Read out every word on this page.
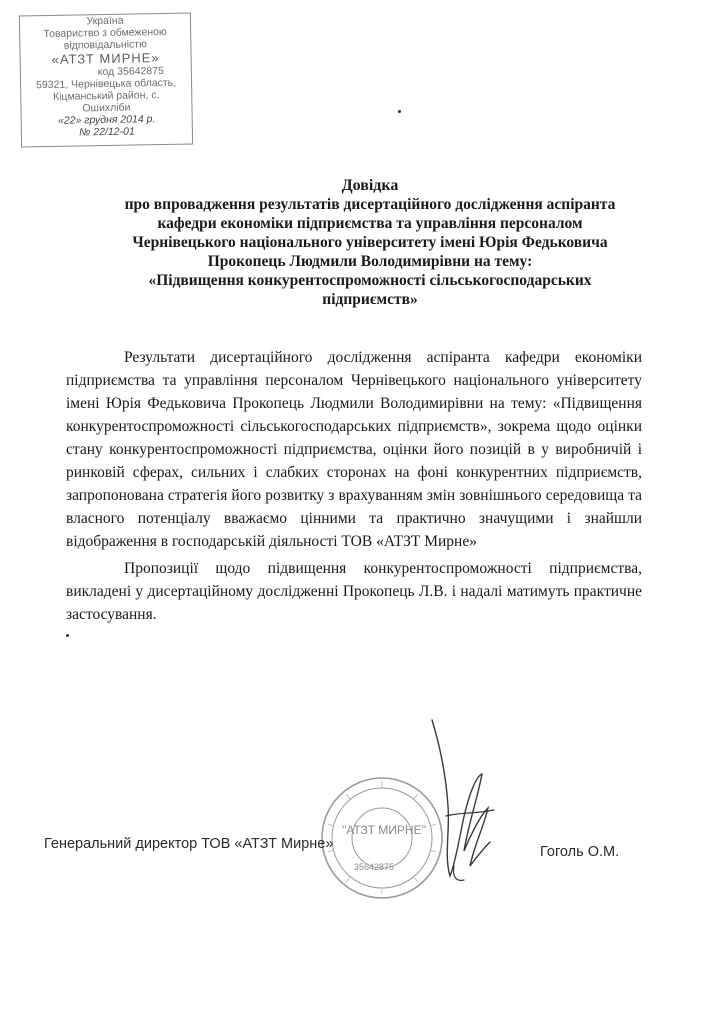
Україна
Товариство з обмеженою
відповідальністю
«АТЗТ МИРНЕ»
код 35642875
59321, Чернівецька область,
Кіцманський район, с. Ошихліби
«22» грудня 2014 р.
№ 22/12-01
Довідка
про впровадження результатів дисертаційного дослідження аспіранта
кафедри економіки підприємства та управління персоналом
Чернівецького національного університету імені Юрія Федьковича
Прокопець Людмили Володимирівни на тему:
«Підвищення конкурентоспроможності сільськогосподарських
підприємств»

Результати дисертаційного дослідження аспіранта кафедри економіки підприємства та управління персоналом Чернівецького національного університету імені Юрія Федьковича Прокопець Людмили Володимирівни на тему: «Підвищення конкурентоспроможності сільськогосподарських підприємств», зокрема щодо оцінки стану конкурентоспроможності підприємства, оцінки його позицій в у виробничій і ринковій сферах, сильних і слабких сторонах на фоні конкурентних підприємств, запропонована стратегія його розвитку з врахуванням змін зовнішнього середовища та власного потенціалу вважаємо цінними та практично значущими і знайшли відображення в господарській діяльності ТОВ «АТЗТ Мирне»

Пропозиції щодо підвищення конкурентоспроможності підприємства, викладені у дисертаційному дослідженні Прокопець Л.В. і надалі матимуть практичне застосування.

"АТЗТ МИРНЕ"
35642875
Генеральний директор ТОВ «АТЗТ Мирне»	Гоголь О.М.
